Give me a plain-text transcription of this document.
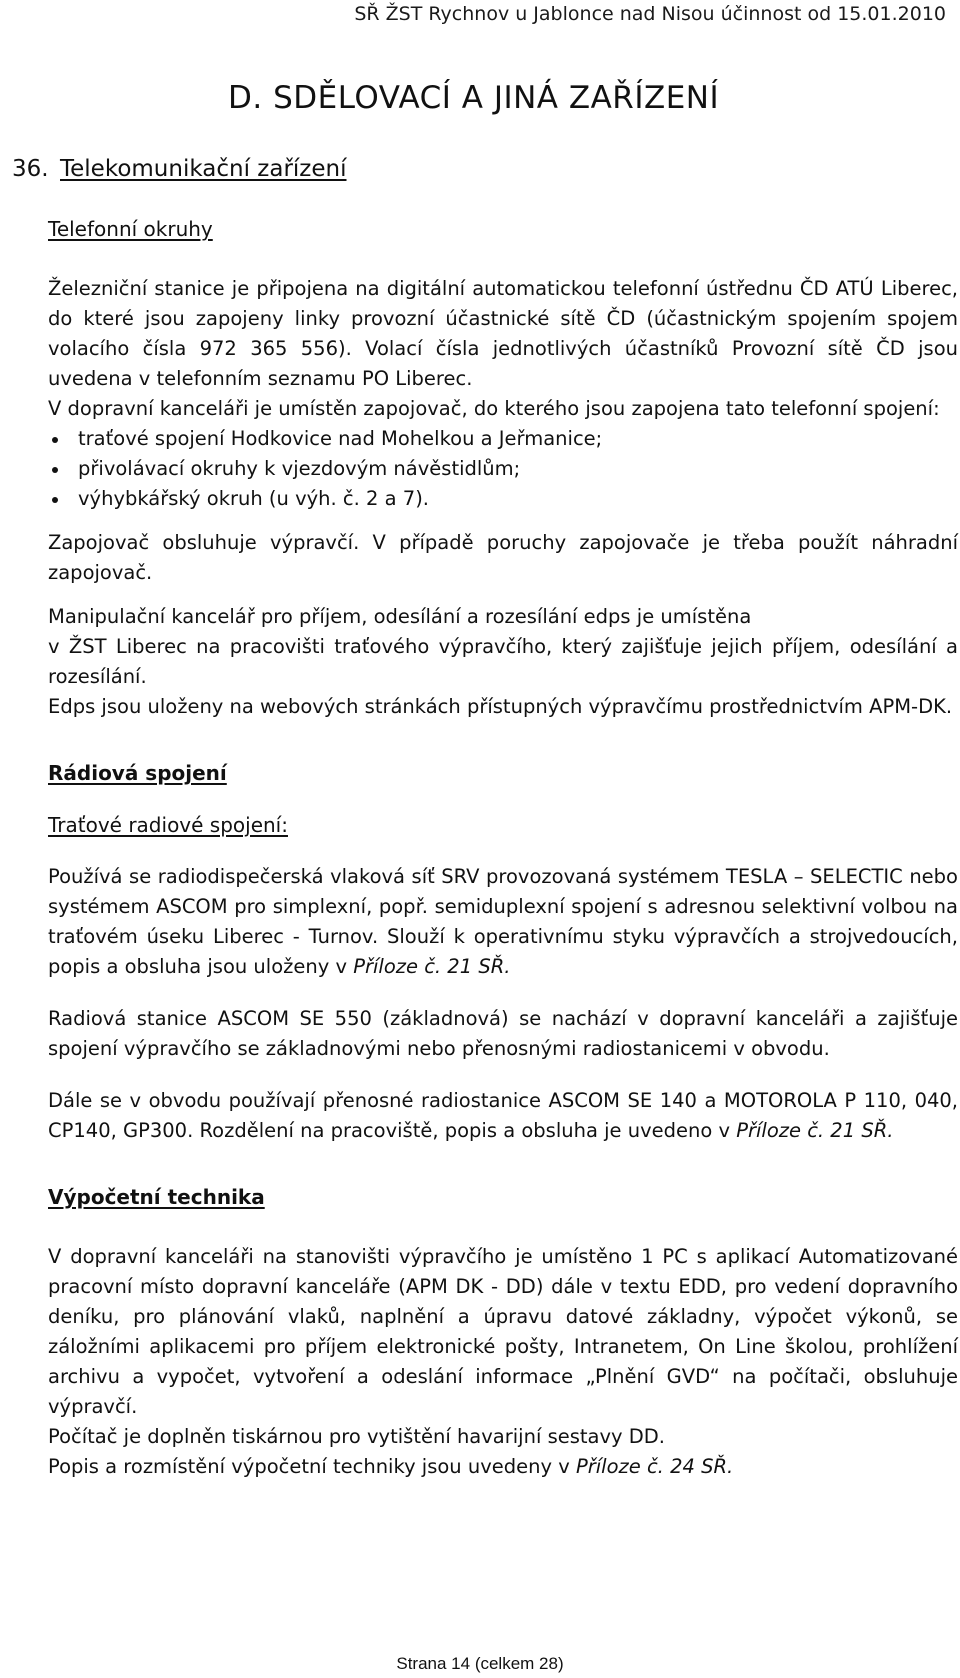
SŘ ŽST Rychnov u Jablonce nad Nisou účinnost od 15.01.2010
D. SDĚLOVACÍ A JINÁ ZAŘÍZENÍ
36. Telekomunikační zařízení

Telefonní okruhy

Železniční stanice je připojena na digitální automatickou telefonní ústřednu ČD ATÚ Liberec, do které jsou zapojeny linky provozní účastnické sítě ČD (účastnickým spojením spojem volacího čísla 972 365 556). Volací čísla jednotlivých účastníků Provozní sítě ČD jsou uvedena v telefonním seznamu PO Liberec.

V dopravní kanceláři je umístěn zapojovač, do kterého jsou zapojena tato telefonní spojení:

traťové spojení Hodkovice nad Mohelkou a Jeřmanice;
přivolávací okruhy k vjezdovým návěstidlům;
výhybkářský okruh (u výh. č. 2 a 7).

Zapojovač obsluhuje výpravčí. V případě poruchy zapojovače je třeba použít náhradní zapojovač.

Manipulační kancelář pro příjem, odesílání a rozesílání edps je umístěna

v ŽST Liberec na pracovišti traťového výpravčího, který zajišťuje jejich příjem, odesílání a rozesílání.

Edps jsou uloženy na webových stránkách přístupných výpravčímu prostřednictvím APM-DK.

Rádiová spojení

Traťové radiové spojení:

Používá se radiodispečerská vlaková síť SRV provozovaná systémem TESLA – SELECTIC nebo systémem ASCOM pro simplexní, popř. semiduplexní spojení s adresnou selektivní volbou na traťovém úseku Liberec - Turnov. Slouží k operativnímu styku výpravčích a strojvedoucích, popis a obsluha jsou uloženy v Příloze č. 21 SŘ.

Radiová stanice ASCOM SE 550 (základnová) se nachází v dopravní kanceláři a zajišťuje spojení výpravčího se základnovými nebo přenosnými radiostanicemi v obvodu.

Dále se v obvodu používají přenosné radiostanice ASCOM SE 140 a MOTOROLA P 110, 040, CP140, GP300. Rozdělení na pracoviště, popis a obsluha je uvedeno v Příloze č. 21 SŘ.

Výpočetní technika

V dopravní kanceláři na stanovišti výpravčího je umístěno 1 PC s aplikací Automatizované pracovní místo dopravní kanceláře (APM DK - DD) dále v textu EDD, pro vedení dopravního deníku, pro plánování vlaků, naplnění a úpravu datové základny, výpočet výkonů, se záložními aplikacemi pro příjem elektronické pošty, Intranetem, On Line školou, prohlížení archivu a vypočet, vytvoření a odeslání informace „Plnění GVD“ na počítači, obsluhuje výpravčí.

Počítač je doplněn tiskárnou pro vytištění havarijní sestavy DD.

Popis a rozmístění výpočetní techniky jsou uvedeny v Příloze č. 24 SŘ.

Strana 14 (celkem 28)
